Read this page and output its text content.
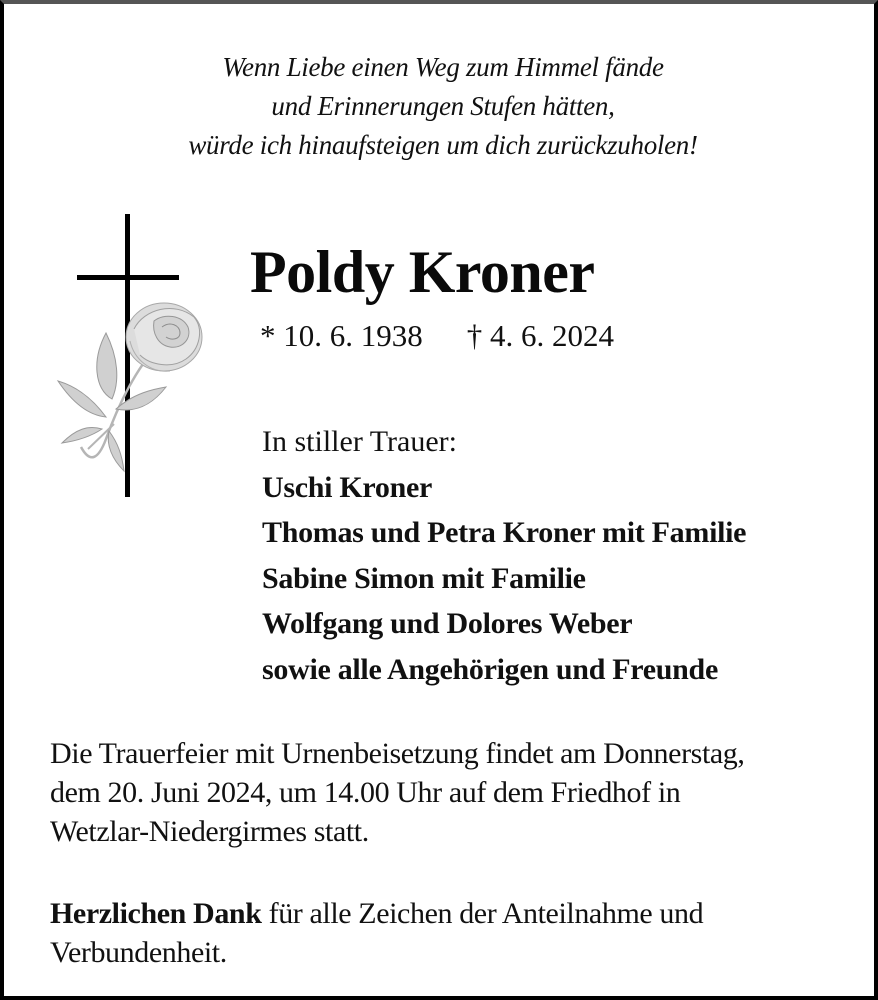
Wenn Liebe einen Weg zum Himmel fände
und Erinnerungen Stufen hätten,
würde ich hinaufsteigen um dich zurückzuholen!
Poldy Kroner
* 10. 6. 1938 † 4. 6. 2024
In stiller Trauer:
Uschi Kroner
Thomas und Petra Kroner mit Familie
Sabine Simon mit Familie
Wolfgang und Dolores Weber
sowie alle Angehörigen und Freunde
Die Trauerfeier mit Urnenbeisetzung findet am Donnerstag,
dem 20. Juni 2024, um 14.00 Uhr auf dem Friedhof in
Wetzlar-Niedergirmes statt.
Herzlichen Dank für alle Zeichen der Anteilnahme und
Verbundenheit.
